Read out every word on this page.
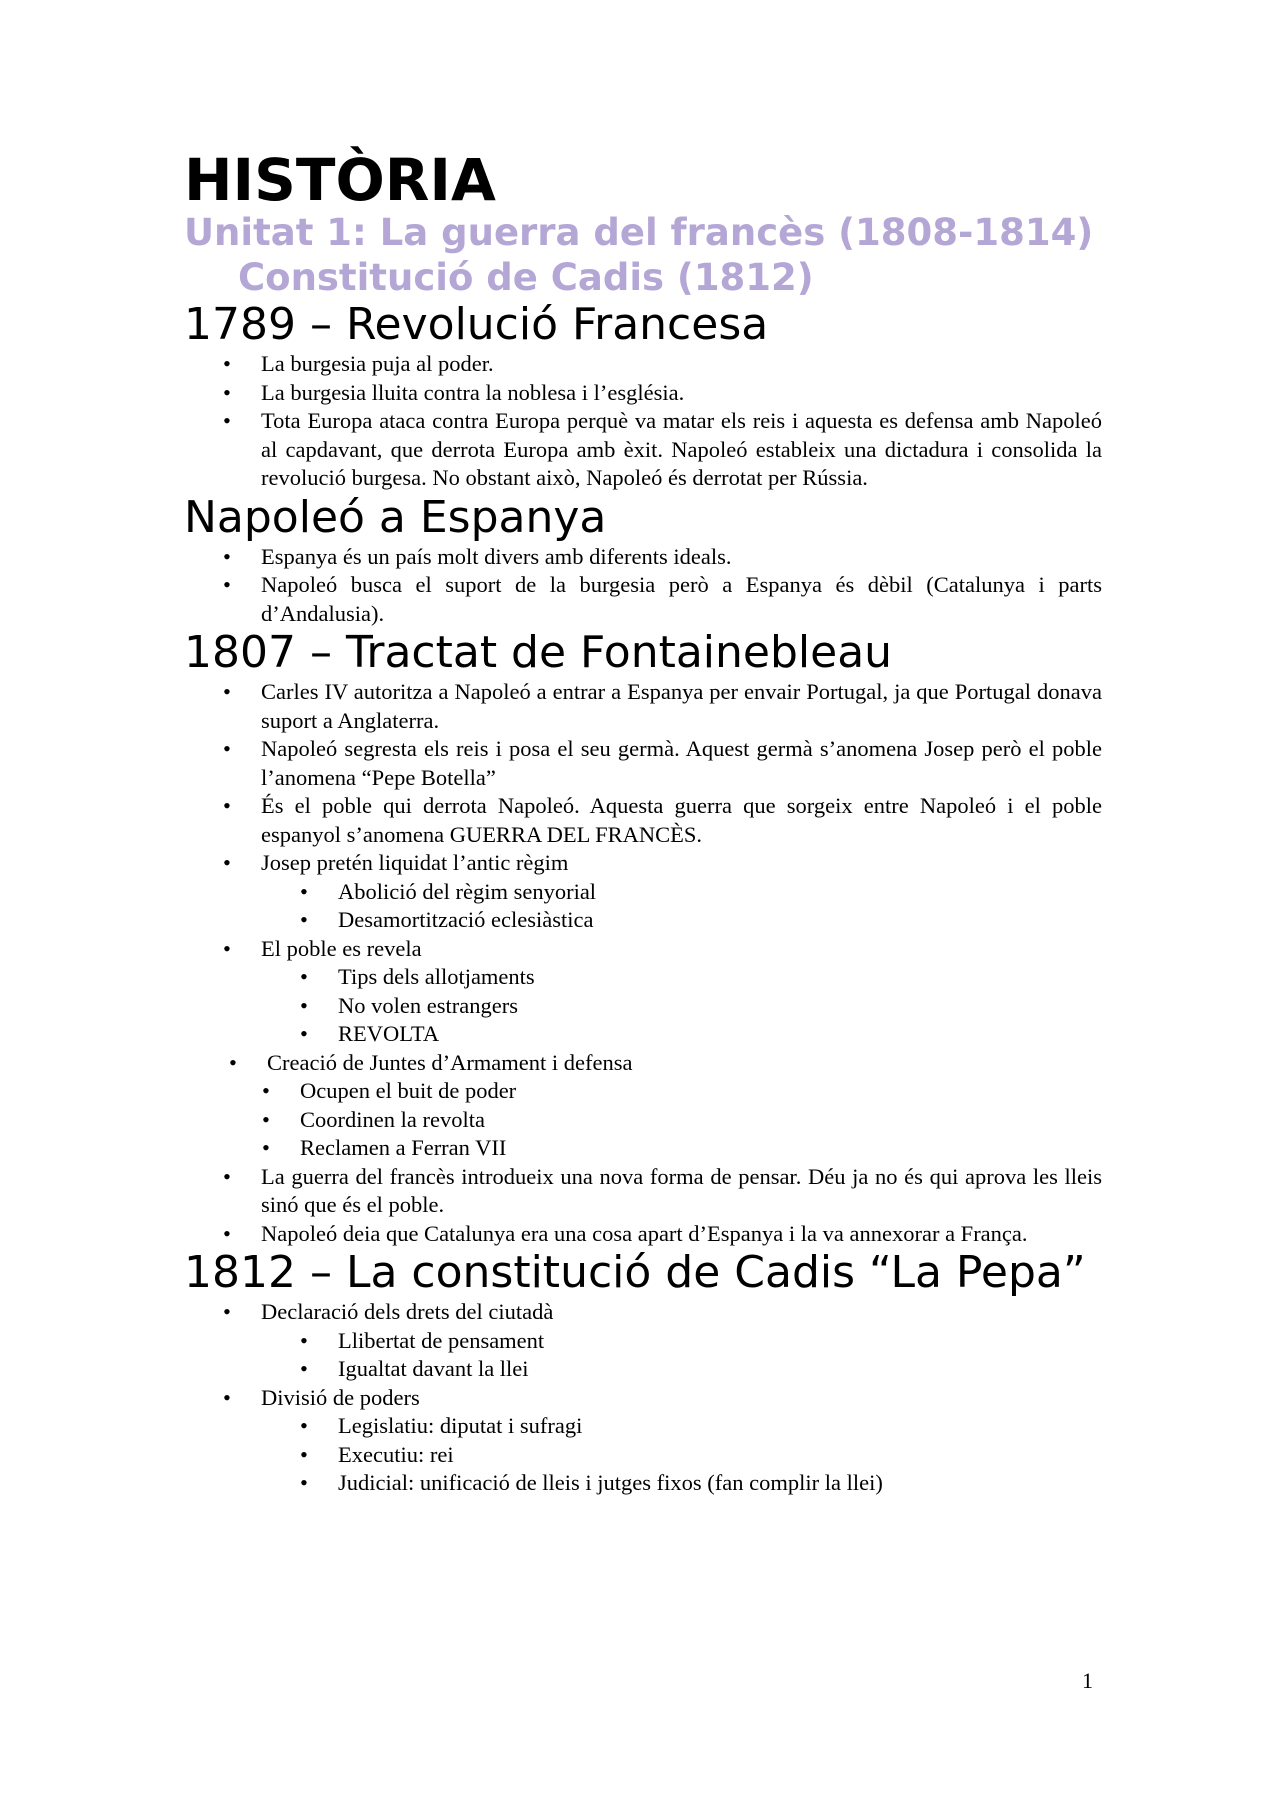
HISTÒRIA
Unitat 1: La guerra del francès (1808-1814)
Constitució de Cadis (1812)
1789 – Revolució Francesa
• La burgesia puja al poder.
• La burgesia lluita contra la noblesa i l’església.
• Tota Europa ataca contra Europa perquè va matar els reis i aquesta es defensa amb Napoleó al capdavant, que derrota Europa amb èxit. Napoleó estableix una dictadura i consolida la revolució burgesa. No obstant això, Napoleó és derrotat per Rússia.
Napoleó a Espanya
• Espanya és un país molt divers amb diferents ideals.
• Napoleó busca el suport de la burgesia però a Espanya és dèbil (Catalunya i parts d’Andalusia).
1807 – Tractat de Fontainebleau
• Carles IV autoritza a Napoleó a entrar a Espanya per envair Portugal, ja que Portugal donava suport a Anglaterra.
• Napoleó segresta els reis i posa el seu germà. Aquest germà s’anomena Josep però el poble l’anomena “Pepe Botella”
• És el poble qui derrota Napoleó. Aquesta guerra que sorgeix entre Napoleó i el poble espanyol s’anomena GUERRA DEL FRANCÈS.
• Josep pretén liquidat l’antic règim
• Abolició del règim senyorial
• Desamortització eclesiàstica
• El poble es revela
• Tips dels allotjaments
• No volen estrangers
• REVOLTA
• Creació de Juntes d’Armament i defensa
• Ocupen el buit de poder
• Coordinen la revolta
• Reclamen a Ferran VII
• La guerra del francès introdueix una nova forma de pensar. Déu ja no és qui aprova les lleis sinó que és el poble.
• Napoleó deia que Catalunya era una cosa apart d’Espanya i la va annexorar a França.
1812 – La constitució de Cadis “La Pepa”
• Declaració dels drets del ciutadà
• Llibertat de pensament
• Igualtat davant la llei
• Divisió de poders
• Legislatiu: diputat i sufragi
• Executiu: rei
• Judicial: unificació de lleis i jutges fixos (fan complir la llei)
1
